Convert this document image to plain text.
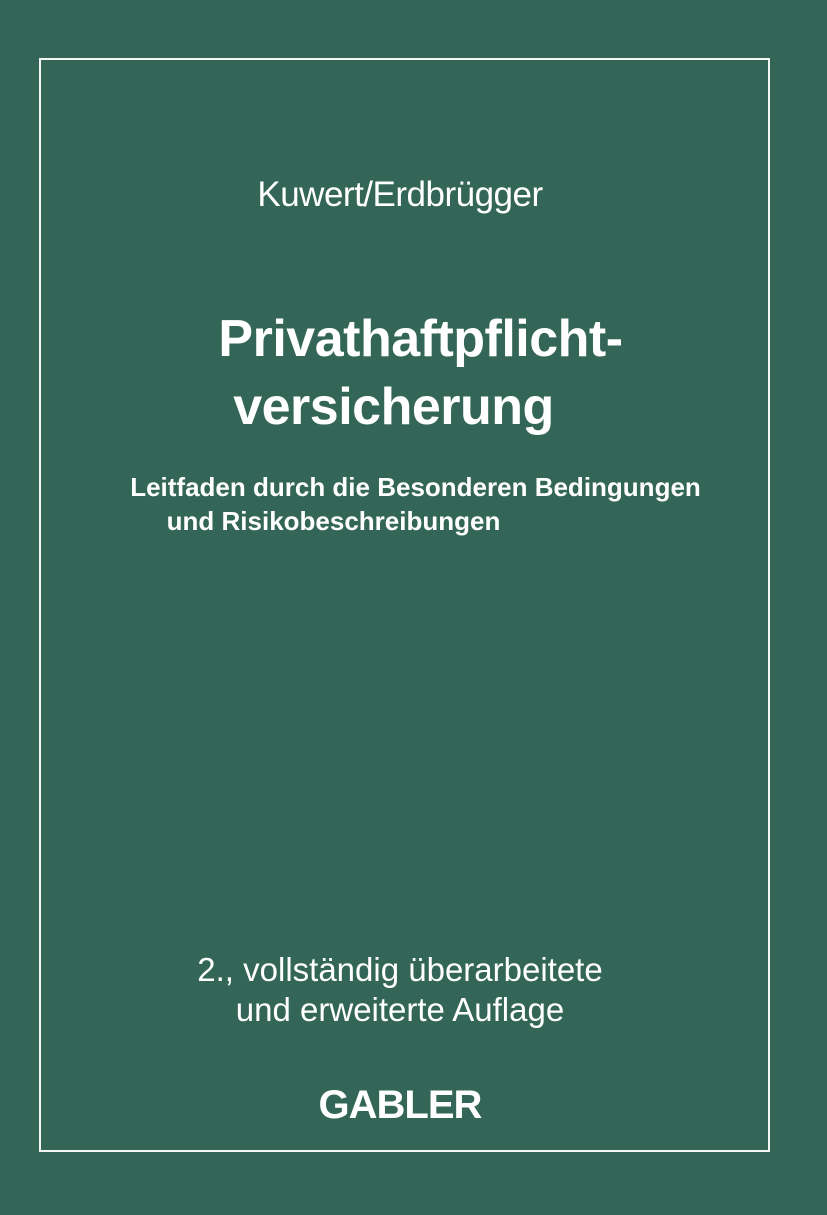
Kuwert/Erdbrügger
Privathaftpflicht-
versicherung
Leitfaden durch die Besonderen Bedingungen
und Risikobeschreibungen
2., vollständig überarbeitete
und erweiterte Auflage
GABLER
